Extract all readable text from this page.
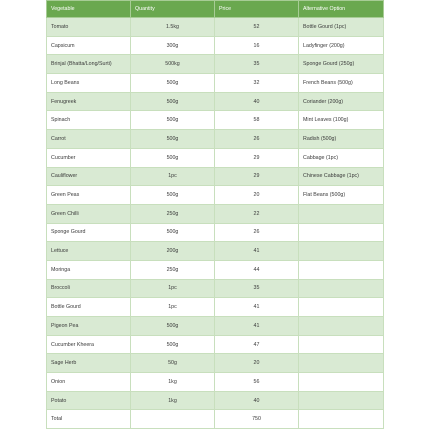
Vegetable	Quantity	Price	Alternative Option
Tomato	1.5kg	52	Bottle Gourd (1pc)
Capsicum	300g	16	Ladyfinger (200g)
Brinjal (Bhatta/Long/Surti)	500kg	35	Sponge Gourd (250g)
Long Beans	500g	32	French Beans (500g)
Fenugreek	500g	40	Coriander (200g)
Spinach	500g	58	Mint Leaves (100g)
Carrot	500g	26	Radish (500g)
Cucumber	500g	29	Cabbage (1pc)
Cauliflower	1pc	29	Chinese Cabbage (1pc)
Green Peas	500g	20	Flat Beans (500g)
Green Chilli	250g	22	
Sponge Gourd	500g	26	
Lettuce	200g	41	
Moringa	250g	44	
Broccoli	1pc	35	
Bottle Gourd	1pc	41	
Pigeon Pea	500g	41	
Cucumber Kheera	500g	47	
Sage Herb	50g	20	
Onion	1kg	56	
Potato	1kg	40	
Total		750	
